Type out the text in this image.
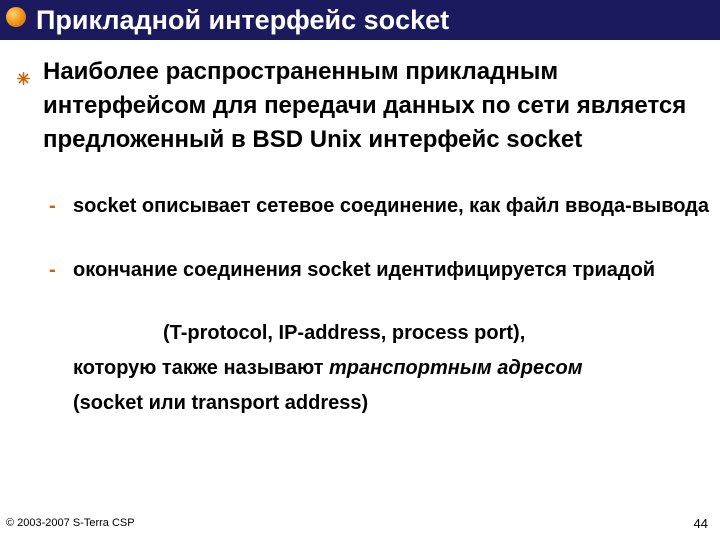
Прикладной интерфейс socket
Наиболее распространенным прикладным интерфейсом для передачи данных по сети является предложенный в BSD Unix интерфейс socket
- socket описывает сетевое соединение, как файл ввода-вывода
- окончание соединения socket идентифицируется триадой
(T-protocol, IP-address, process port),
которую также называют транспортным адресом
(socket или transport address)
© 2003-2007 S-Terra CSP	44
